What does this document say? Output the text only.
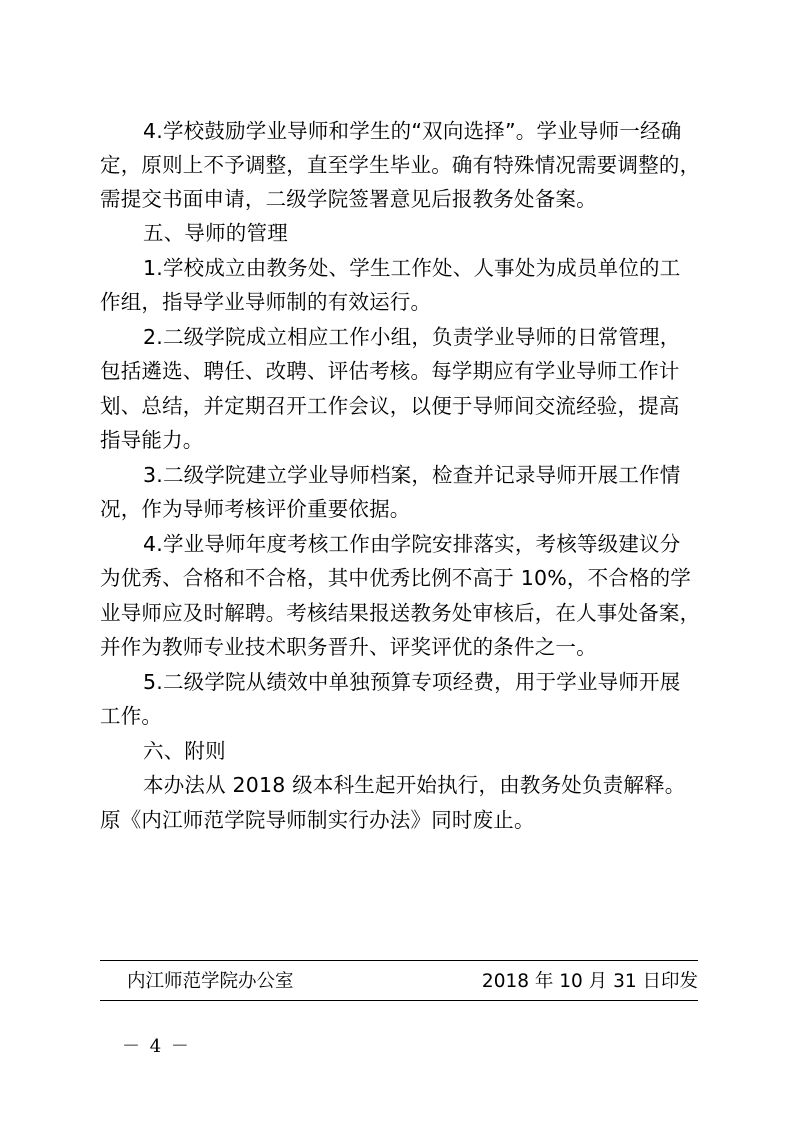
4.学校鼓励学业导师和学生的“双向选择”。学业导师一经确
定，原则上不予调整，直至学生毕业。确有特殊情况需要调整的，
需提交书面申请，二级学院签署意见后报教务处备案。
五、导师的管理
1.学校成立由教务处、学生工作处、人事处为成员单位的工
作组，指导学业导师制的有效运行。
2.二级学院成立相应工作小组，负责学业导师的日常管理，
包括遴选、聘任、改聘、评估考核。每学期应有学业导师工作计
划、总结，并定期召开工作会议，以便于导师间交流经验，提高
指导能力。
3.二级学院建立学业导师档案，检查并记录导师开展工作情
况，作为导师考核评价重要依据。
4.学业导师年度考核工作由学院安排落实，考核等级建议分
为优秀、合格和不合格，其中优秀比例不高于 10%，不合格的学
业导师应及时解聘。考核结果报送教务处审核后，在人事处备案，
并作为教师专业技术职务晋升、评奖评优的条件之一。
5.二级学院从绩效中单独预算专项经费，用于学业导师开展
工作。
六、附则
本办法从 2018 级本科生起开始执行，由教务处负责解释。
原《内江师范学院导师制实行办法》同时废止。
内江师范学院办公室	2018 年 10 月 31 日印发
－ 4 －
